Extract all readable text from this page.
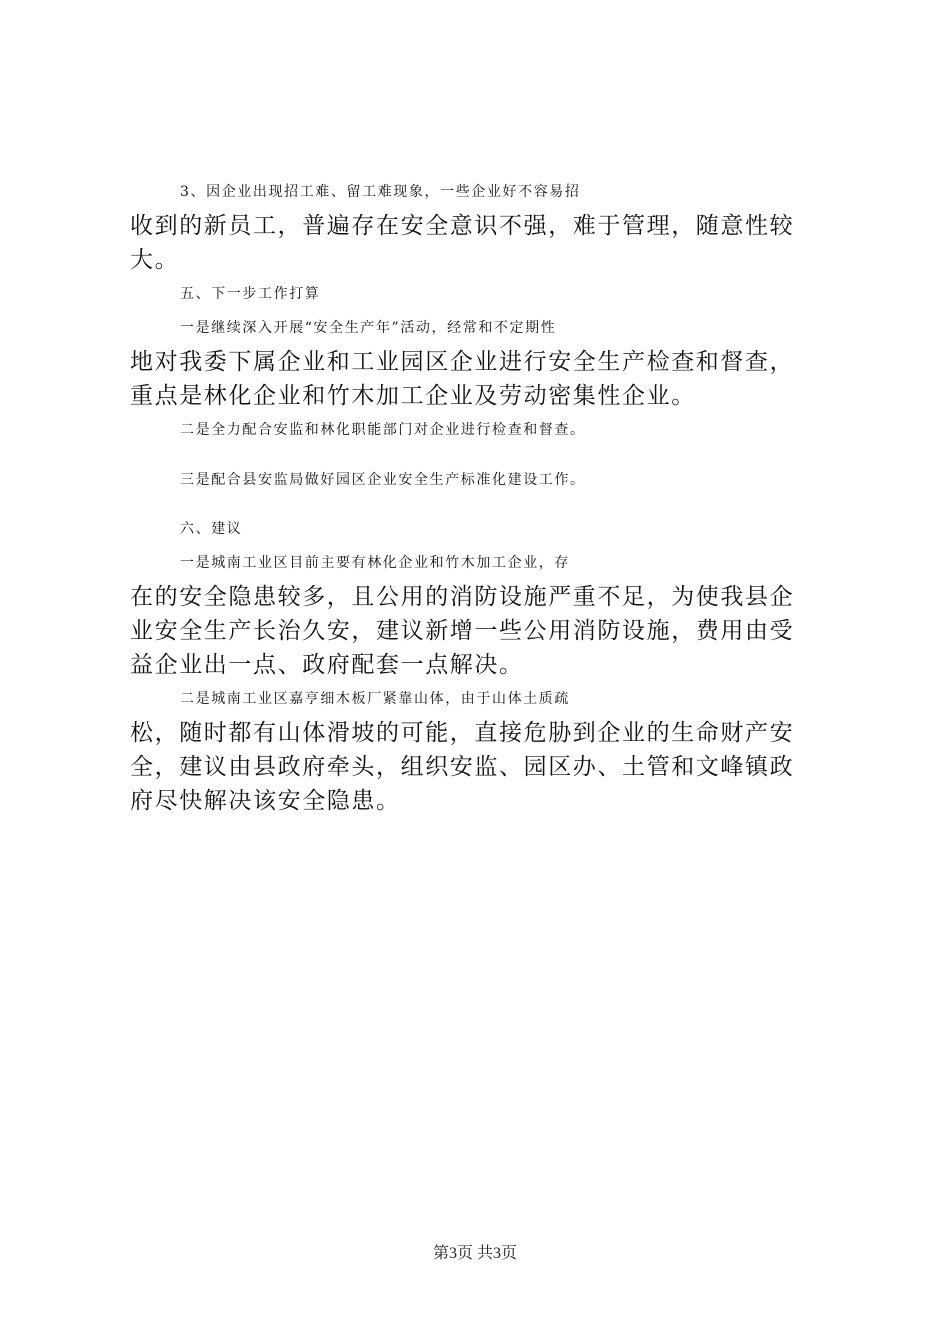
3、因企业出现招工难、留工难现象，一些企业好不容易招
收到的新员工，普遍存在安全意识不强，难于管理，随意性较
大。
五、下一步工作打算
一是继续深入开展“安全生产年”活动，经常和不定期性
地对我委下属企业和工业园区企业进行安全生产检查和督查，
重点是林化企业和竹木加工企业及劳动密集性企业。
二是全力配合安监和林化职能部门对企业进行检查和督查。
三是配合县安监局做好园区企业安全生产标准化建设工作。
六、建议
一是城南工业区目前主要有林化企业和竹木加工企业，存
在的安全隐患较多，且公用的消防设施严重不足，为使我县企
业安全生产长治久安，建议新增一些公用消防设施，费用由受
益企业出一点、政府配套一点解决。
二是城南工业区嘉亨细木板厂紧靠山体，由于山体土质疏
松，随时都有山体滑坡的可能，直接危胁到企业的生命财产安
全，建议由县政府牵头，组织安监、园区办、土管和文峰镇政
府尽快解决该安全隐患。
第3页 共3页
